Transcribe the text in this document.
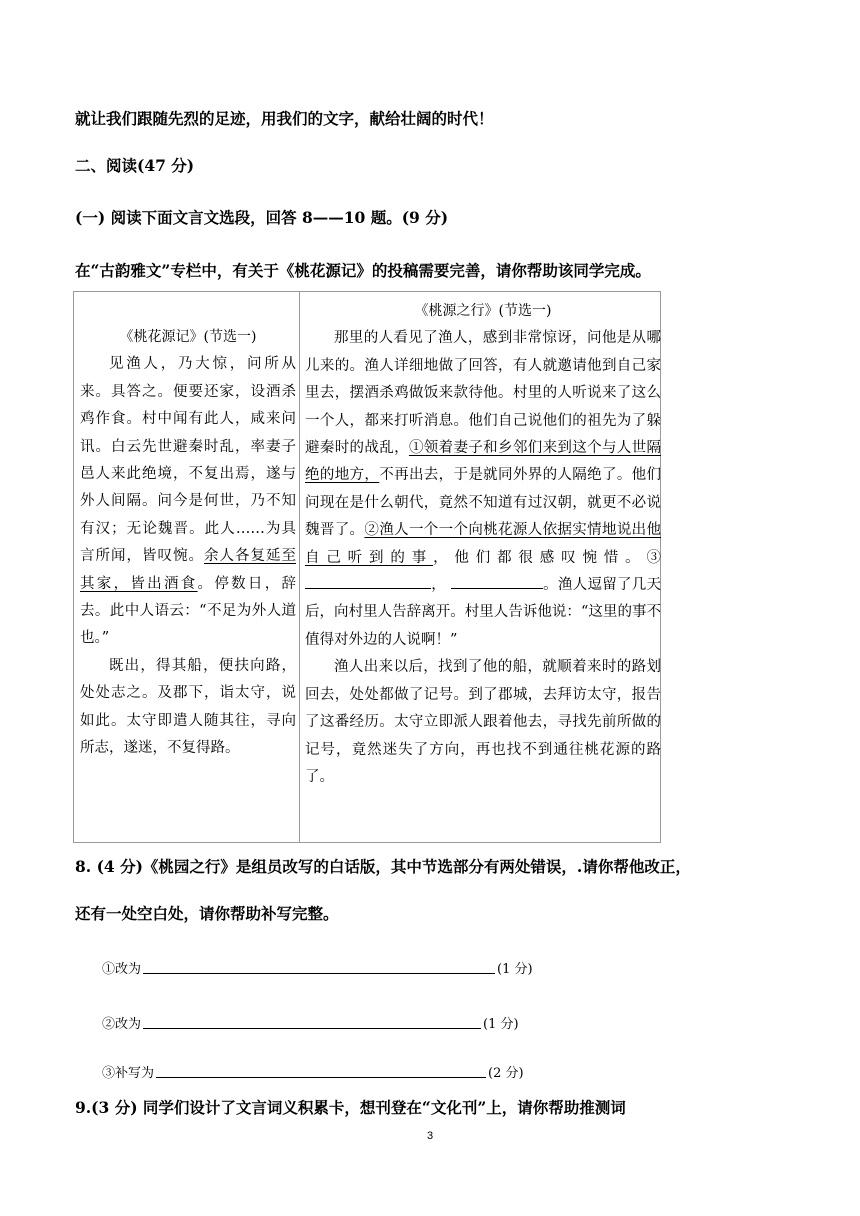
就让我们跟随先烈的足迹，用我们的文字，献给壮阔的时代！
二、阅读(47 分)
(一) 阅读下面文言文选段，回答 8——10 题。(9 分)
在“古韵雅文”专栏中，有关于《桃花源记》的投稿需要完善，请你帮助该同学完成。
《桃花源记》(节选一)
见渔人，乃大惊，问所从来。具答之。便要还家，设酒杀鸡作食。村中闻有此人，咸来问讯。白云先世避秦时乱，率妻子邑人来此绝境，不复出焉，遂与外人间隔。问今是何世，乃不知有汉；无论魏晋。此人……为具言所闻，皆叹惋。余人各复延至其家，皆出酒食。停数日，辞去。此中人语云：“不足为外人道也。”
既出，得其船，便扶向路，处处志之。及郡下，诣太守，说如此。太守即遣人随其往，寻向所志，遂迷，不复得路。
《桃源之行》(节选一)
那里的人看见了渔人，感到非常惊讶，问他是从哪儿来的。渔人详细地做了回答，有人就邀请他到自己家里去，摆酒杀鸡做饭来款待他。村里的人听说来了这么一个人，都来打听消息。他们自己说他们的祖先为了躲避秦时的战乱，①领着妻子和乡邻们来到这个与人世隔绝的地方，不再出去，于是就同外界的人隔绝了。他们问现在是什么朝代，竟然不知道有过汉朝，就更不必说魏晋了。②渔人一个一个向桃花源人依据实情地说出他自己听到的事，他们都很感叹惋惜。③ ，	。渔人逗留了几天后，向村里人告辞离开。村里人告诉他说：“这里的事不值得对外边的人说啊！”
渔人出来以后，找到了他的船，就顺着来时的路划回去，处处都做了记号。到了郡城，去拜访太守，报告了这番经历。太守立即派人跟着他去，寻找先前所做的记号，竟然迷失了方向，再也找不到通往桃花源的路了。
8. (4 分)《桃园之行》是组员改写的白话版，其中节选部分有两处错误，.请你帮他改正，
还有一处空白处，请你帮助补写完整。
①改为	(1 分)
②改为	(1 分)
③补写为	(2 分)
9.(3 分) 同学们设计了文言词义积累卡，想刊登在“文化刊”上，请你帮助推测词
3
